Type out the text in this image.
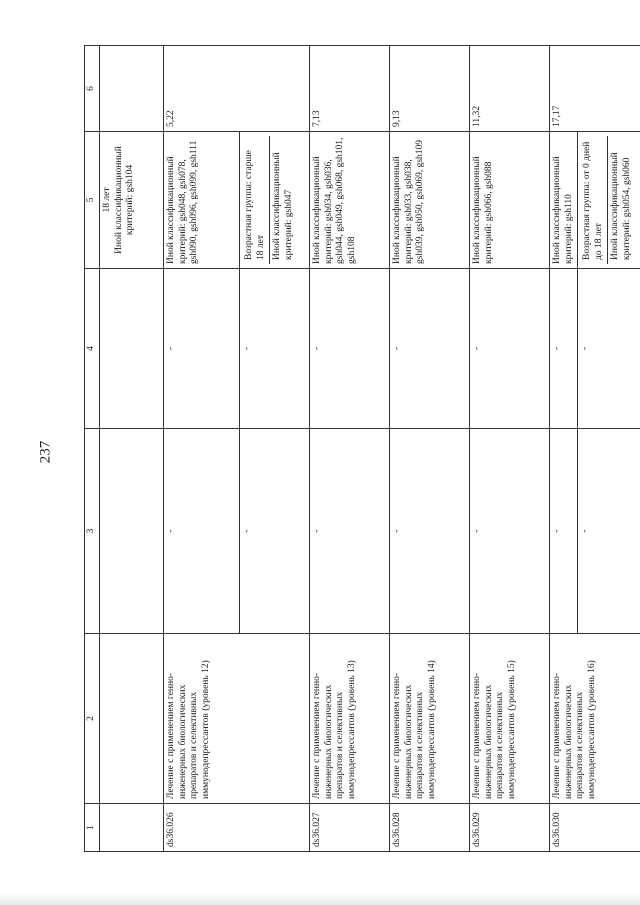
237
1	2	3	4	5	6

				18 лет Иной классификационный критерий: gsh104	

ds36.026	Лечение с применением генно-инженерных биологических препаратов и селективных иммунодепрессантов (уровень 12)	-	-	Иной классификационный критерий: gsh048, gsh078, gsh090, gsh096, gsh099, gsh111	5,22
		-	-	Возрастная группа: старше 18 лет Иной классификационный критерий: gsh047	

ds36.027	Лечение с применением генно-инженерных биологических препаратов и селективных иммунодепрессантов (уровень 13)	-	-	Иной классификационный критерий: gsh034, gsh036, gsh044, gsh049, gsh068, gsh101, gsh108	7,13
ds36.028	Лечение с применением генно-инженерных биологических препаратов и селективных иммунодепрессантов (уровень 14)	-	-	Иной классификационный критерий: gsh033, gsh038, gsh039, gsh050, gsh069, gsh109	9,13
ds36.029	Лечение с применением генно-инженерных биологических препаратов и селективных иммунодепрессантов (уровень 15)	-	-	Иной классификационный критерий: gsh066, gsh088	11,32
ds36.030	Лечение с применением генно-инженерных биологических препаратов и селективных иммунодепрессантов (уровень 16)	-	-	Иной классификационный критерий: gsh110	17,17
		-	-	Возрастная группа: от 0 дней до 18 лет Иной классификационный критерий: gsh054, gsh060	
